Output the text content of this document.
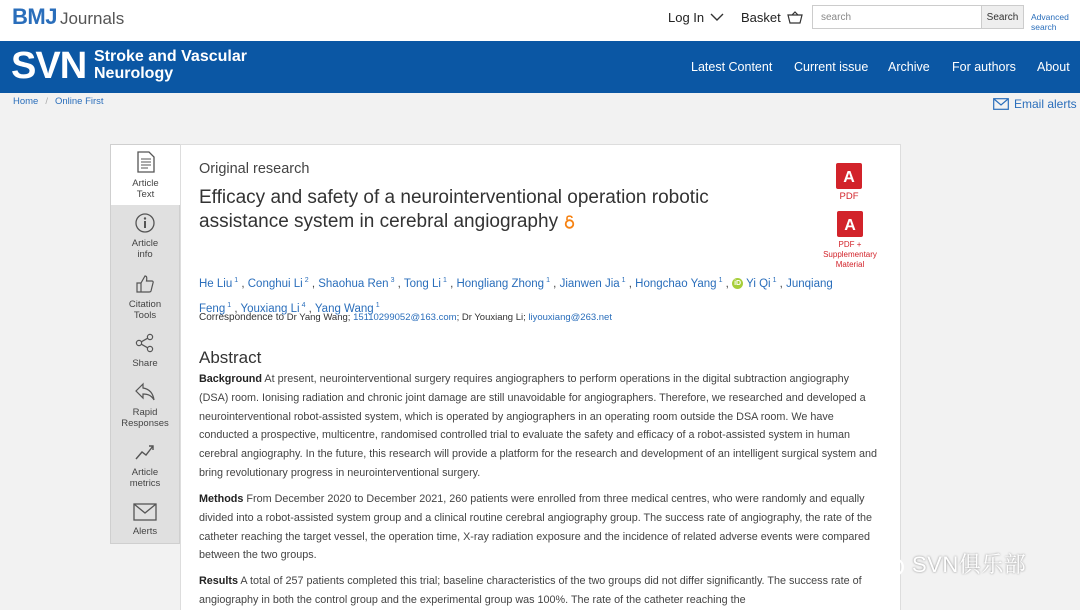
BMJ Journals	Log In	Basket
search	Search	Advanced search
SVN Stroke and Vascular
Neurology	Latest Content Current issue Archive For authors About
Home / Online First	Email alerts
Article
Text
Article
info
Citation
Tools
Share
Rapid
Responses
Article
metrics
Alerts
Original research
Efficacy and safety of a neurointerventional operation robotic assistance system in cerebral angiography
A
PDF
A
PDF +
Supplementary
Material
He Liu $^1$ , Conghui Li $^2$ , Shaohua Ren $^3$ , Tong Li $^1$ , Hongliang Zhong $^1$ , Jianwen Jia $^1$ , Hongchao Yang $^1$ , iD Yi Qi $^1$ , Junqiang Feng $^1$ , Youxiang Li $^4$ , Yang Wang $^1$
Correspondence to Dr Yang Wang; 15110299052@163.com; Dr Youxiang Li; liyouxiang@263.net
Abstract

Background At present, neurointerventional surgery requires angiographers to perform operations in the digital subtraction angiography (DSA) room. Ionising radiation and chronic joint damage are still unavoidable for angiographers. Therefore, we researched and developed a neurointerventional robot-assisted system, which is operated by angiographers in an operating room outside the DSA room. We have conducted a prospective, multicentre, randomised controlled trial to evaluate the safety and efficacy of a robot-assisted system in human cerebral angiography. In the future, this research will provide a platform for the research and development of an intelligent surgical system and bring revolutionary progress in neurointerventional surgery.

Methods From December 2020 to December 2021, 260 patients were enrolled from three medical centres, who were randomly and equally divided into a robot-assisted system group and a clinical routine cerebral angiography group. The success rate of angiography, the rate of the catheter reaching the target vessel, the operation time, X-ray radiation exposure and the incidence of related adverse events were compared between the two groups.

Results A total of 257 patients completed this trial; baseline characteristics of the two groups did not differ significantly. The success rate of angiography in both the control group and the experimental group was 100%. The rate of the catheter reaching the

SVN俱乐部
